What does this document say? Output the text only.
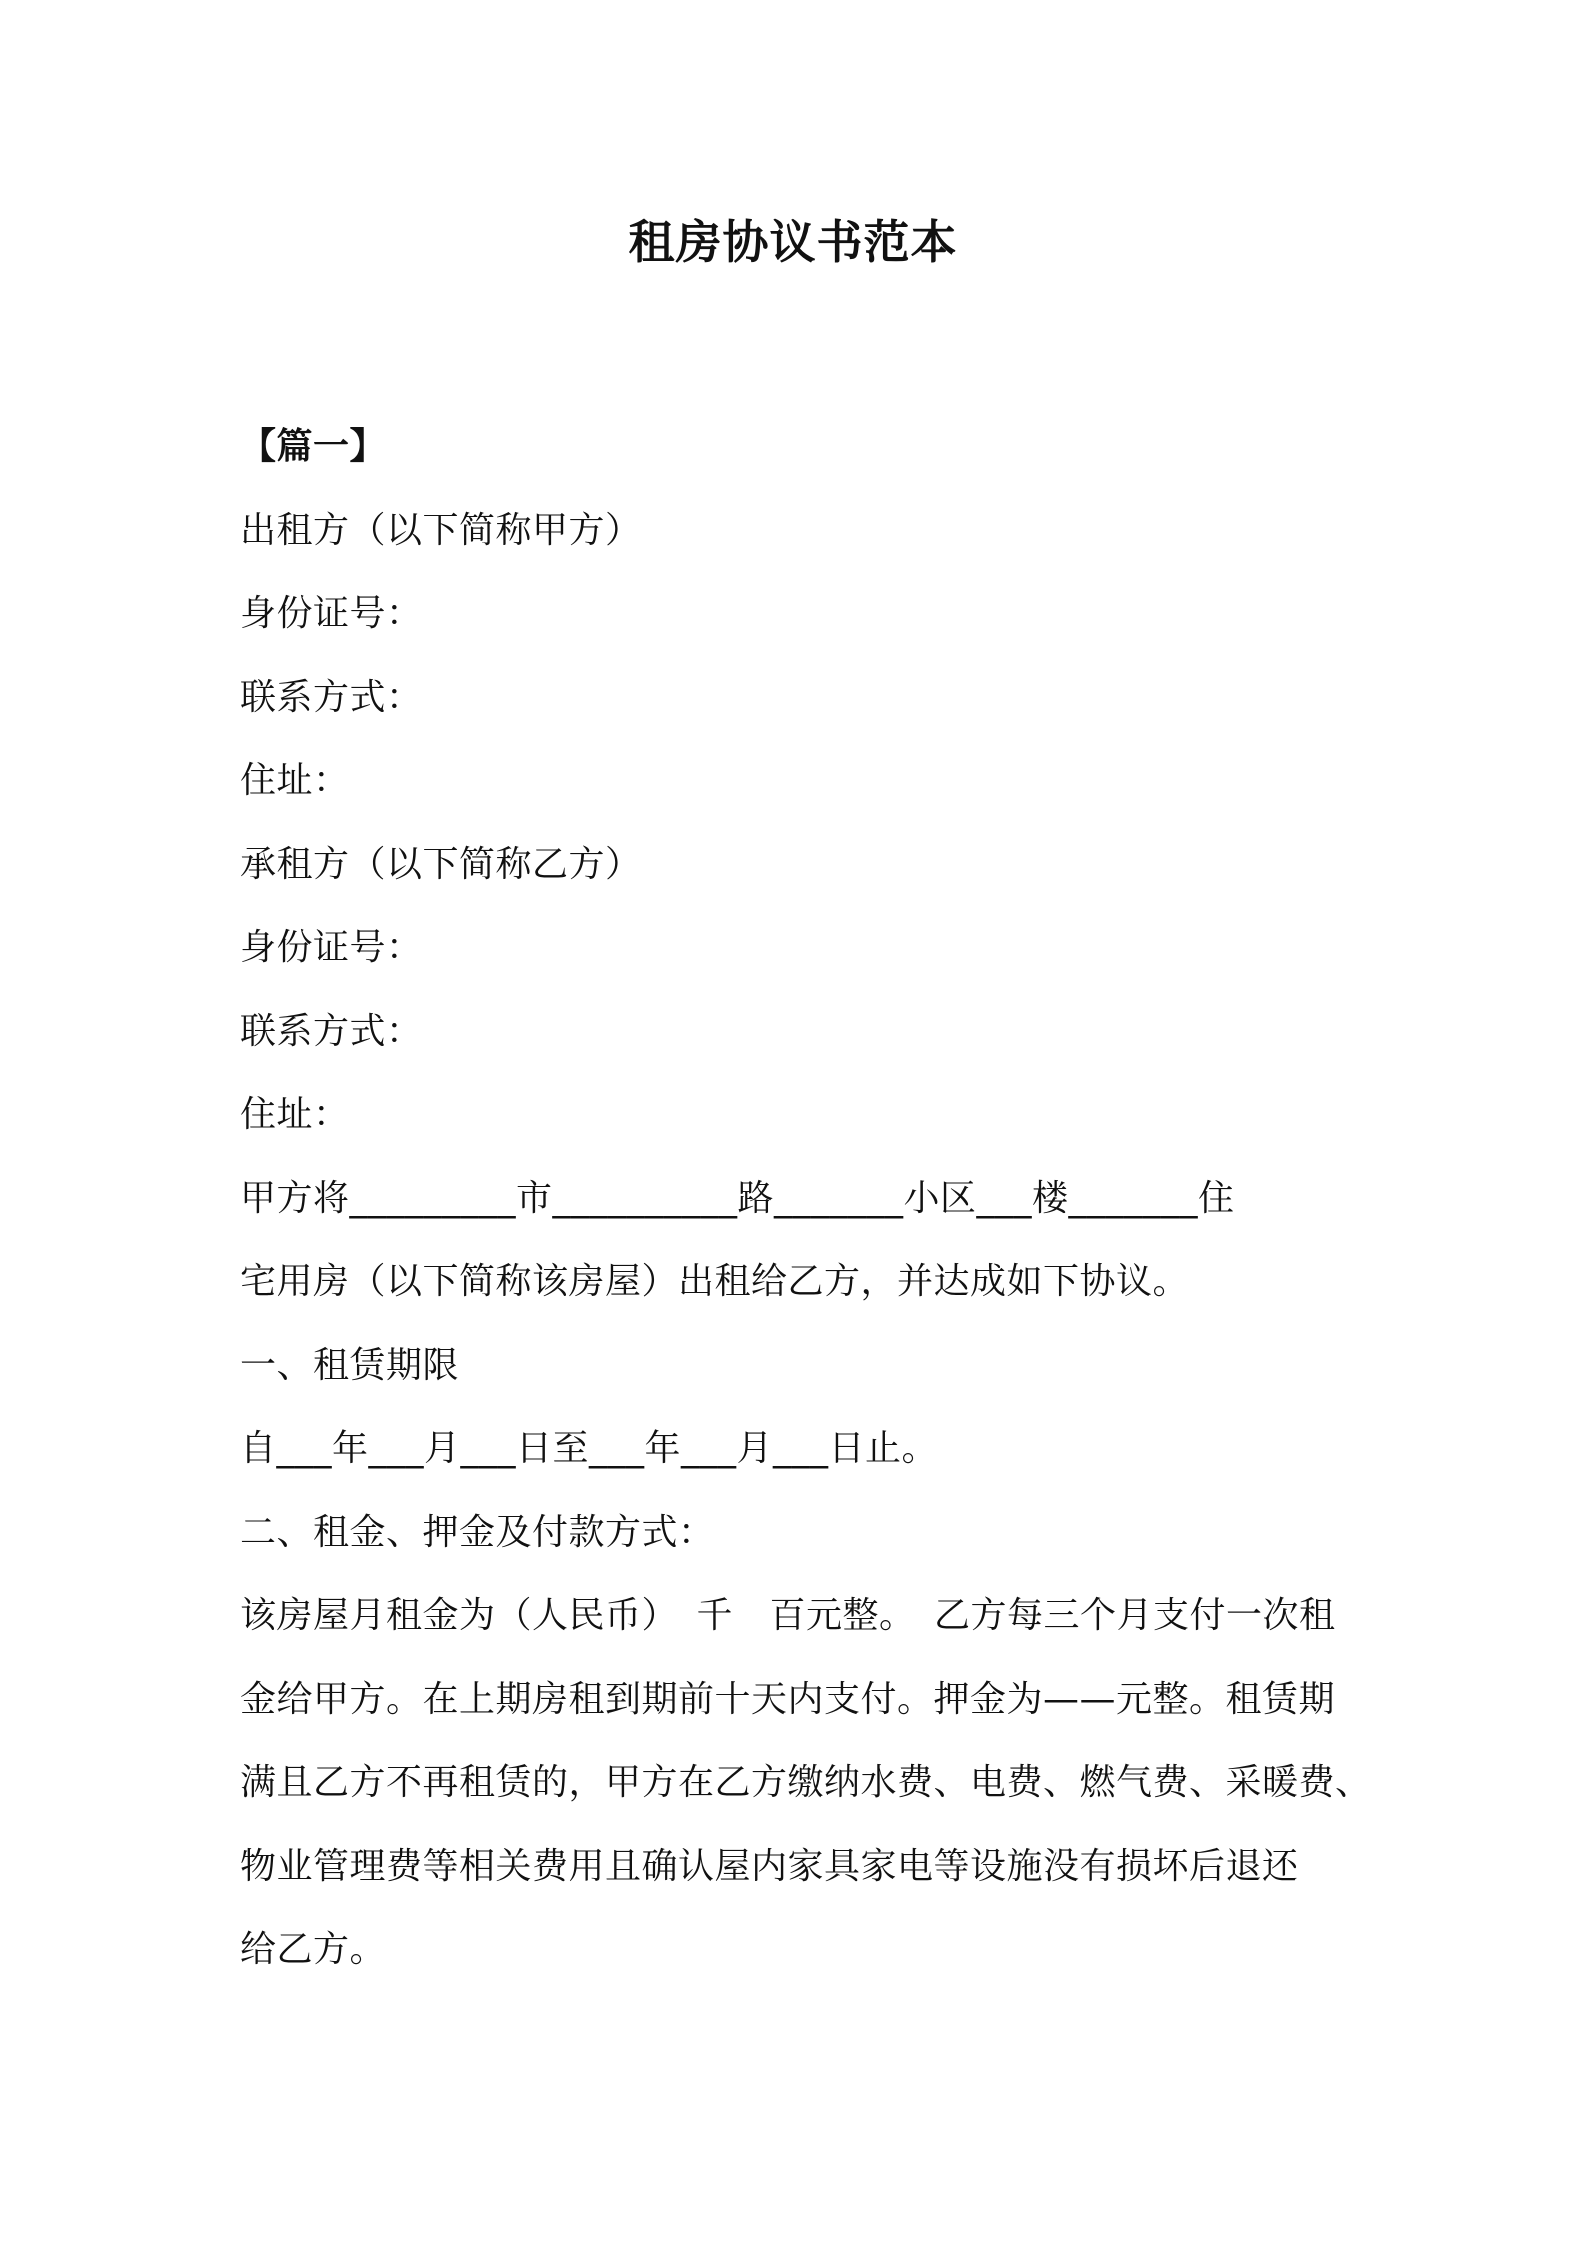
租房协议书范本
【篇一】
出租方（以下简称甲方）
身份证号：
联系方式：
住址：
承租方（以下简称乙方）
身份证号：
联系方式：
住址：
甲方将_________市__________路_______小区___楼_______住
宅用房（以下简称该房屋）出租给乙方，并达成如下协议。
一、租赁期限
自___年___月___日至___年___月___日止。
二、租金、押金及付款方式：
该房屋月租金为（人民币）　千　百元整。　乙方每三个月支付一次租
金给甲方。在上期房租到期前十天内支付。押金为——元整。租赁期
满且乙方不再租赁的，甲方在乙方缴纳水费、电费、燃气费、采暖费、
物业管理费等相关费用且确认屋内家具家电等设施没有损坏后退还
给乙方。
